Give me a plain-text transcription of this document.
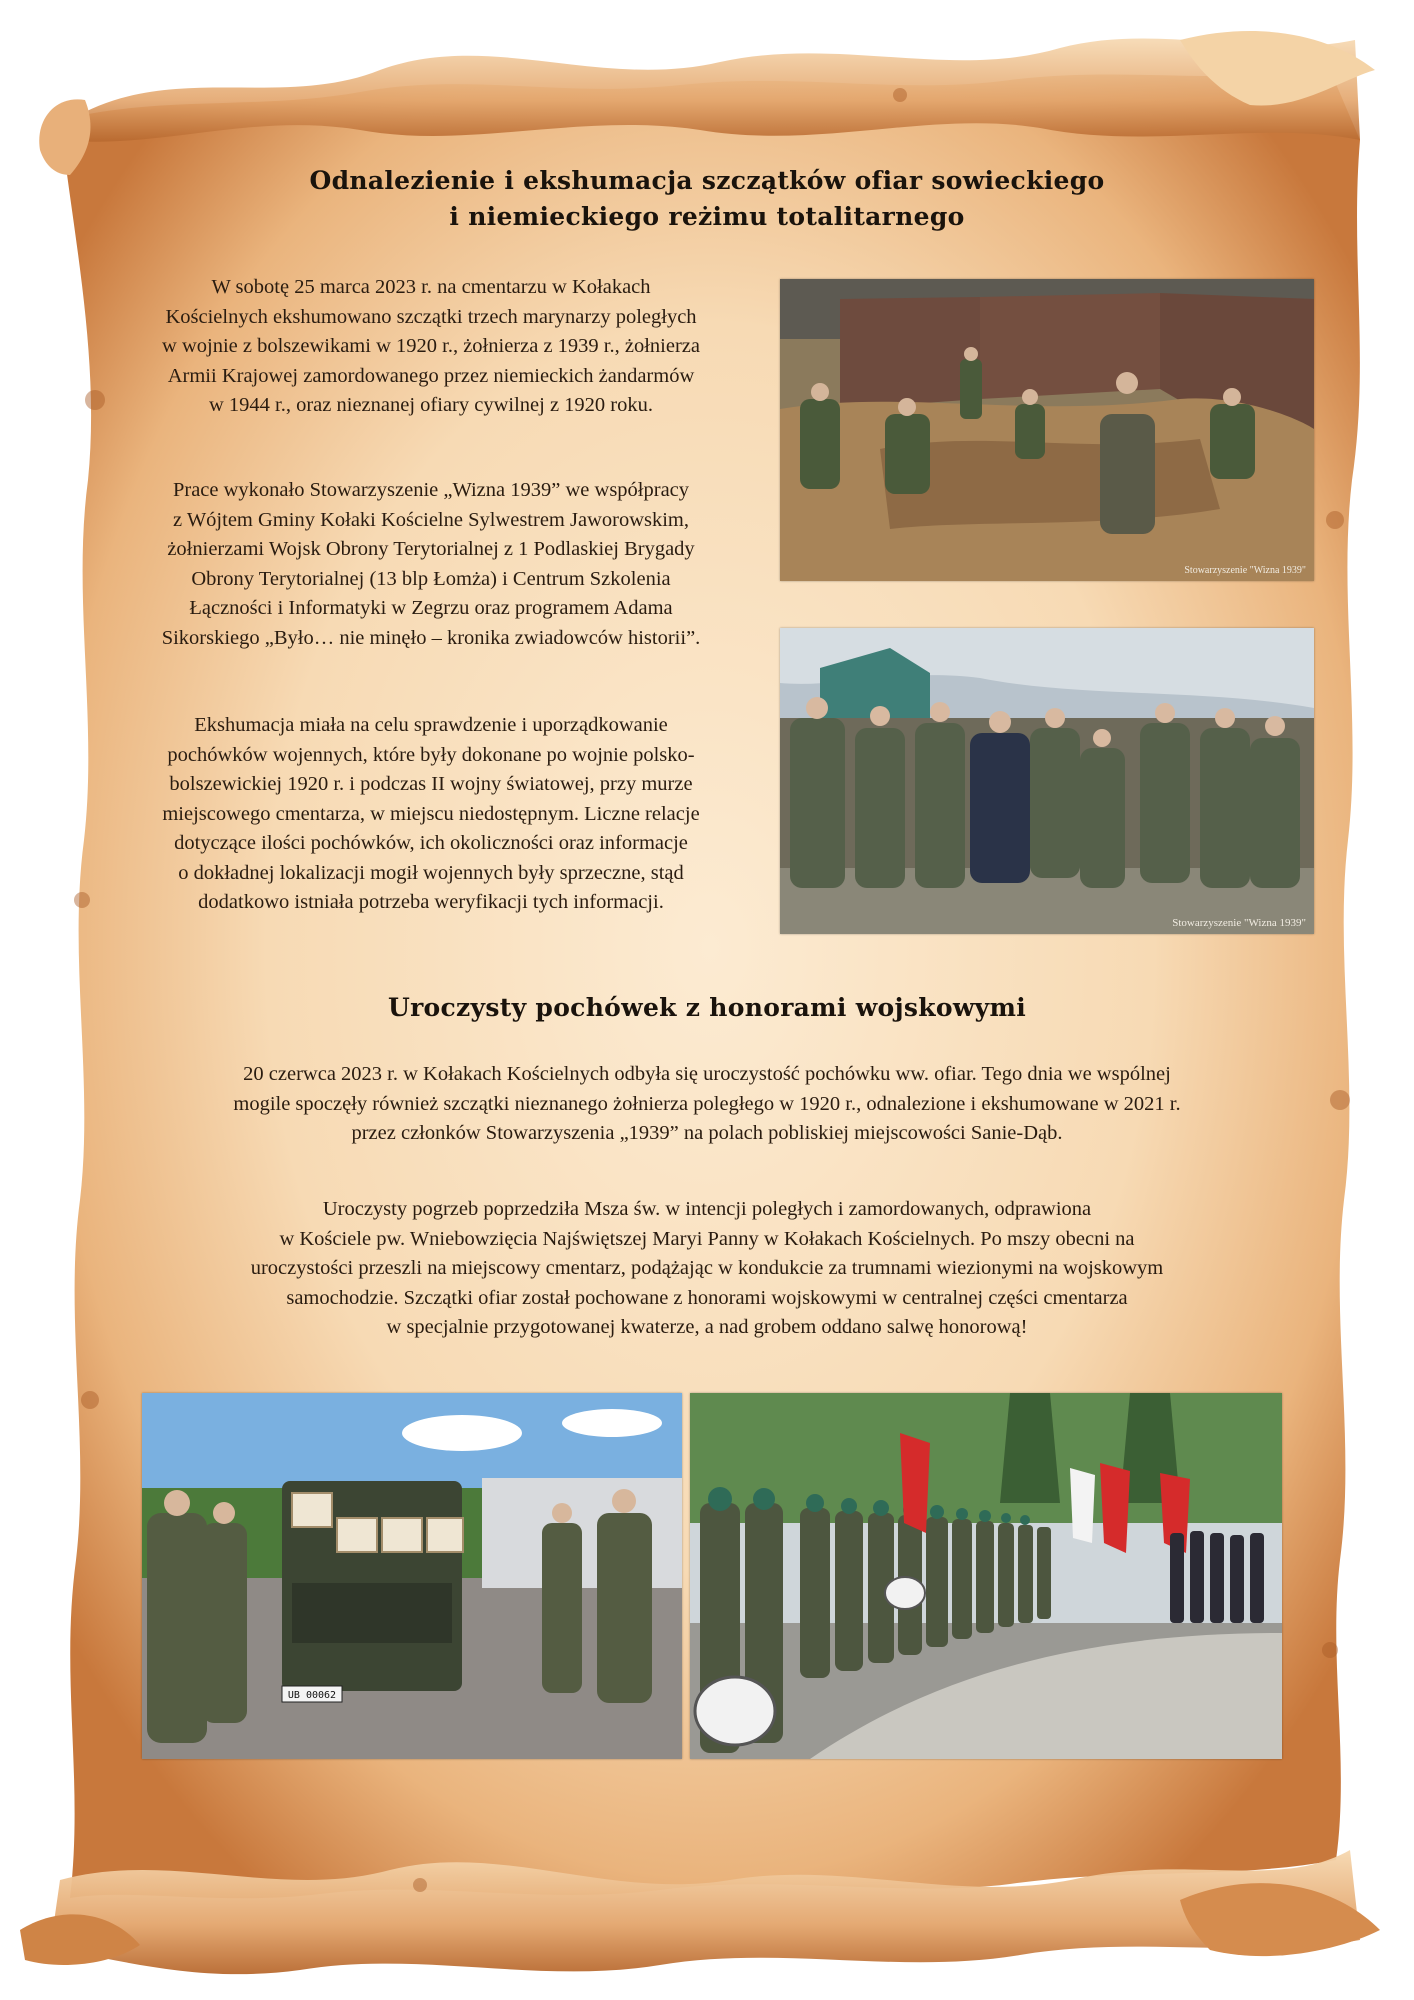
Odnalezienie i ekshumacja szczątków ofiar sowieckiego
i niemieckiego reżimu totalitarnego

W sobotę 25 marca 2023 r. na cmentarzu w Kołakach
Kościelnych ekshumowano szczątki trzech marynarzy poległych
w wojnie z bolszewikami w 1920 r., żołnierza z 1939 r., żołnierza
Armii Krajowej zamordowanego przez niemieckich żandarmów
w 1944 r., oraz nieznanej ofiary cywilnej z 1920 roku.

Prace wykonało Stowarzyszenie „Wizna 1939” we współpracy
z Wójtem Gminy Kołaki Kościelne Sylwestrem Jaworowskim,
żołnierzami Wojsk Obrony Terytorialnej z 1 Podlaskiej Brygady
Obrony Terytorialnej (13 blp Łomża) i Centrum Szkolenia
Łączności i Informatyki w Zegrzu oraz programem Adama
Sikorskiego „Było… nie minęło – kronika zwiadowców historii”.

Ekshumacja miała na celu sprawdzenie i uporządkowanie
pochówków wojennych, które były dokonane po wojnie polsko-
bolszewickiej 1920 r. i podczas II wojny światowej, przy murze
miejscowego cmentarza, w miejscu niedostępnym. Liczne relacje
dotyczące ilości pochówków, ich okoliczności oraz informacje
o dokładnej lokalizacji mogił wojennych były sprzeczne, stąd
dodatkowo istniała potrzeba weryfikacji tych informacji.

Stowarzyszenie "Wizna 1939"
Stowarzyszenie "Wizna 1939"
Uroczysty pochówek z honorami wojskowymi

20 czerwca 2023 r. w Kołakach Kościelnych odbyła się uroczystość pochówku ww. ofiar. Tego dnia we wspólnej
mogile spoczęły również szczątki nieznanego żołnierza poległego w 1920 r., odnalezione i ekshumowane w 2021 r.
przez członków Stowarzyszenia „1939” na polach pobliskiej miejscowości Sanie-Dąb.

Uroczysty pogrzeb poprzedziła Msza św. w intencji poległych i zamordowanych, odprawiona
w Kościele pw. Wniebowzięcia Najświętszej Maryi Panny w Kołakach Kościelnych. Po mszy obecni na
uroczystości przeszli na miejscowy cmentarz, podążając w kondukcie za trumnami wiezionymi na wojskowym
samochodzie. Szczątki ofiar został pochowane z honorami wojskowymi w centralnej części cmentarza
w specjalnie przygotowanej kwaterze, a nad grobem oddano salwę honorową!

UB 00062
